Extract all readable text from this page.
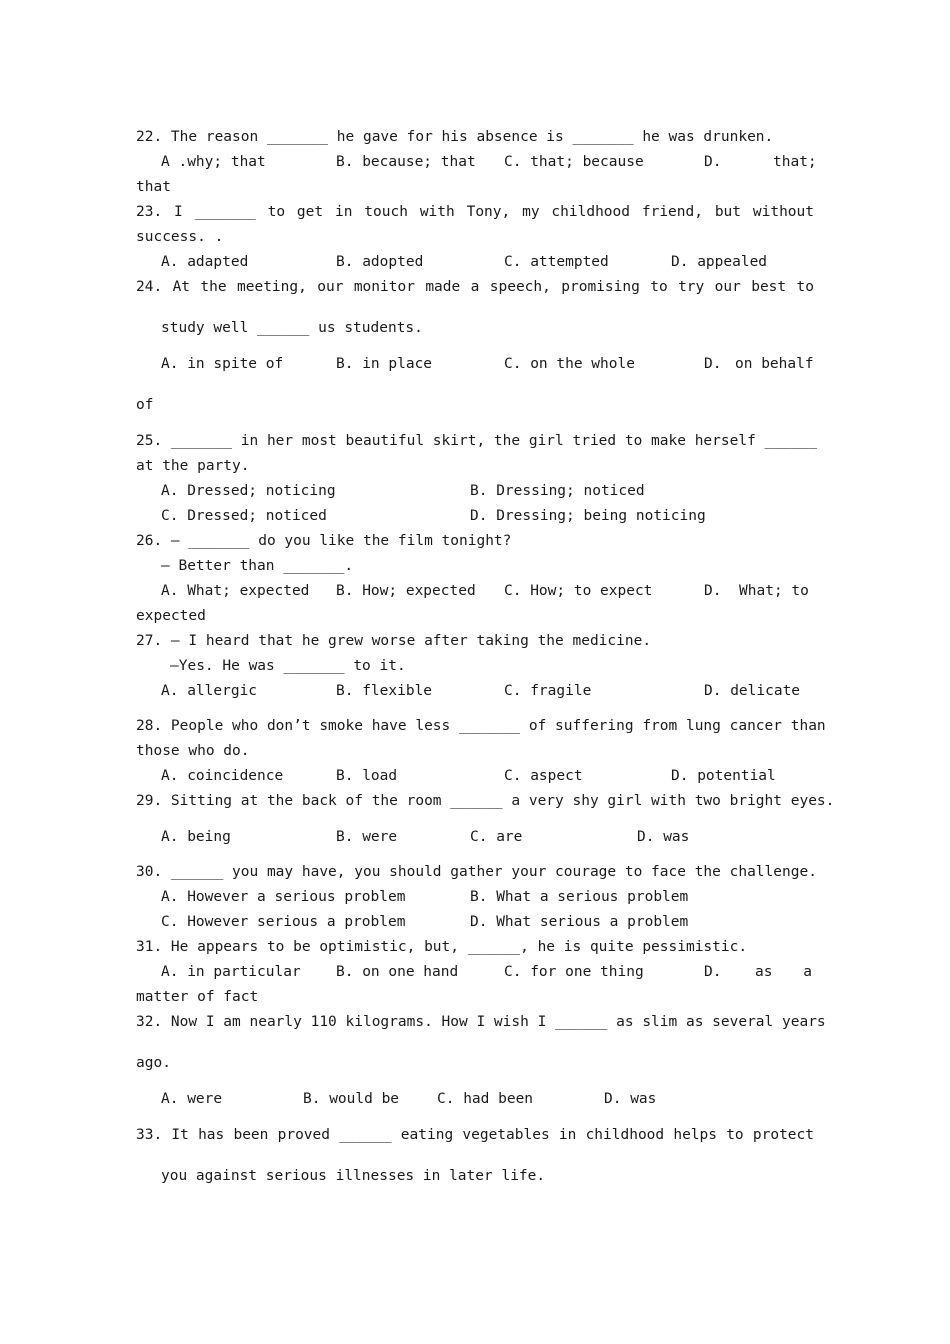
22. The reason _______ he gave for his absence is _______ he was drunken.
A .why; that	B. because; that C. that; because	D.	that;
that
23. I _______ to get in touch with Tony, my childhood friend, but without
success. .
A. adapted	B. adopted	C. attempted	D. appealed
24. At the meeting, our monitor made a speech, promising to try our best to
study well ______ us students.
A. in spite of	B. in place	C. on the whole	D. on behalf
of
25. _______ in her most beautiful skirt, the girl tried to make herself ______
at the party.
A. Dressed; noticing	B. Dressing; noticed
C. Dressed; noticed	D. Dressing; being noticing
26. — _______ do you like the film tonight?
— Better than _______.
A. What; expected B. How; expected C. How; to expect	D. What; to
expected
27. — I heard that he grew worse after taking the medicine.
—Yes. He was _______ to it.
A. allergic	B. flexible	C. fragile	D. delicate
28. People who don’t smoke have less _______ of suffering from lung cancer than
those who do.
A. coincidence	B. load	C. aspect	D. potential
29. Sitting at the back of the room ______ a very shy girl with two bright eyes.
A. being	B. were	C. are	D. was
30. ______ you may have, you should gather your courage to face the challenge.
A. However a serious problem	B. What a serious problem
C. However serious a problem	D. What serious a problem
31. He appears to be optimistic, but, ______, he is quite pessimistic.
A. in particular B. on one hand	C. for one thing	D. as a
matter of fact
32. Now I am nearly 110 kilograms. How I wish I ______ as slim as several years
ago.
A. were	B. would be	C. had been	D. was
33. It has been proved ______ eating vegetables in childhood helps to protect
you against serious illnesses in later life.
